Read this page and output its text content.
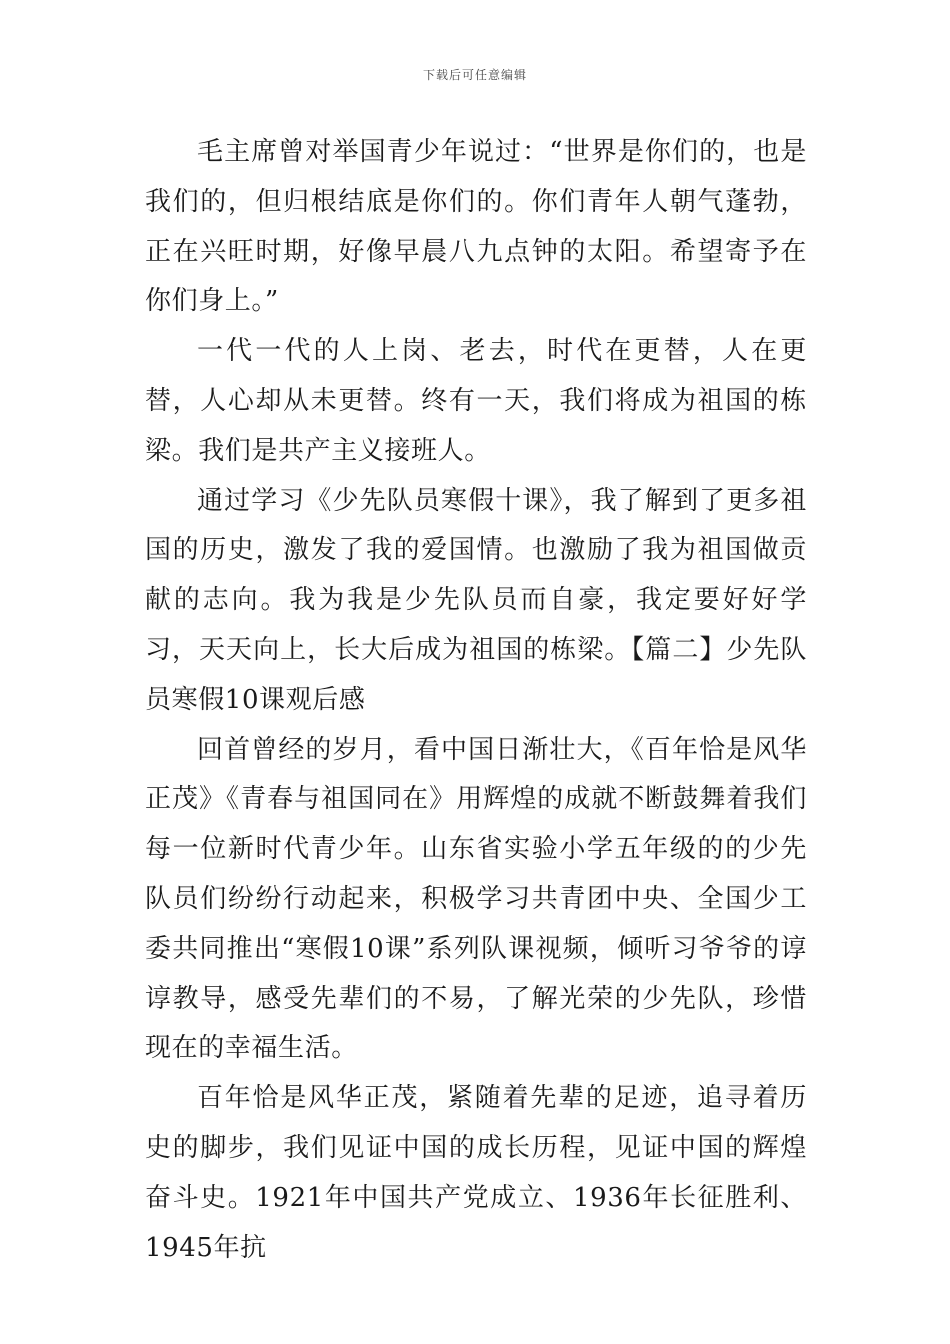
下载后可任意编辑

毛主席曾对举国青少年说过：“世界是你们的，也是我们的，但归根结底是你们的。你们青年人朝气蓬勃，正在兴旺时期，好像早晨八九点钟的太阳。希望寄予在你们身上。”

一代一代的人上岗、老去，时代在更替，人在更替，人心却从未更替。终有一天，我们将成为祖国的栋梁。我们是共产主义接班人。

通过学习《少先队员寒假十课》，我了解到了更多祖国的历史，激发了我的爱国情。也激励了我为祖国做贡献的志向。我为我是少先队员而自豪，我定要好好学习，天天向上，长大后成为祖国的栋梁。【篇二】少先队员寒假10课观后感

回首曾经的岁月，看中国日渐壮大，《百年恰是风华正茂》《青春与祖国同在》用辉煌的成就不断鼓舞着我们每一位新时代青少年。山东省实验小学五年级的的少先队员们纷纷行动起来，积极学习共青团中央、全国少工委共同推出“寒假10课”系列队课视频，倾听习爷爷的谆谆教导，感受先辈们的不易，了解光荣的少先队，珍惜现在的幸福生活。

百年恰是风华正茂，紧随着先辈的足迹，追寻着历史的脚步，我们见证中国的成长历程，见证中国的辉煌奋斗史。1921年中国共产党成立、1936年长征胜利、1945年抗
